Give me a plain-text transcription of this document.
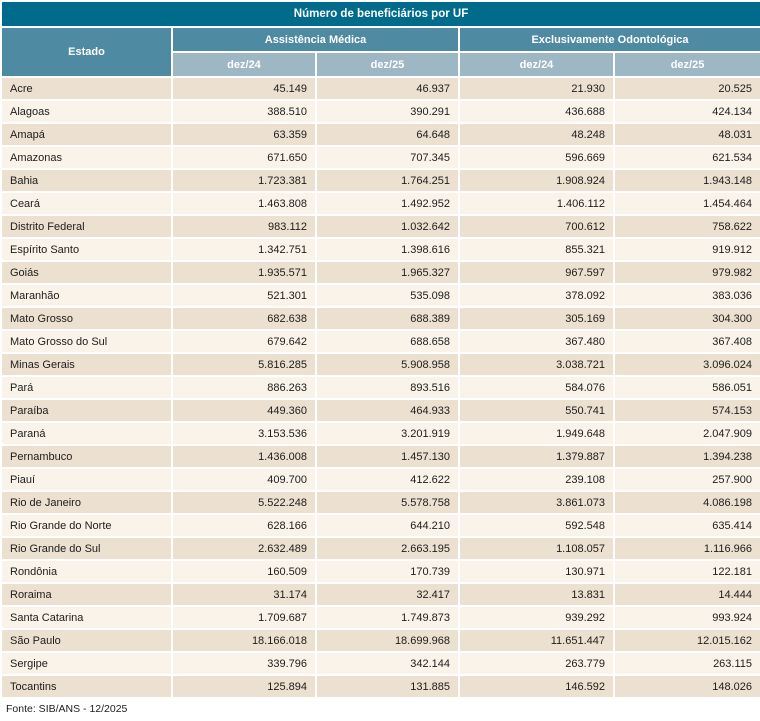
Número de beneficiários por UF				
Estado	Assistência Médica		Exclusivamente Odontológica	
	dez/24	dez/25	dez/24	dez/25
Acre	45.149	46.937	21.930	20.525
Alagoas	388.510	390.291	436.688	424.134
Amapá	63.359	64.648	48.248	48.031
Amazonas	671.650	707.345	596.669	621.534
Bahia	1.723.381	1.764.251	1.908.924	1.943.148
Ceará	1.463.808	1.492.952	1.406.112	1.454.464
Distrito Federal	983.112	1.032.642	700.612	758.622
Espírito Santo	1.342.751	1.398.616	855.321	919.912
Goiás	1.935.571	1.965.327	967.597	979.982
Maranhão	521.301	535.098	378.092	383.036
Mato Grosso	682.638	688.389	305.169	304.300
Mato Grosso do Sul	679.642	688.658	367.480	367.408
Minas Gerais	5.816.285	5.908.958	3.038.721	3.096.024
Pará	886.263	893.516	584.076	586.051
Paraíba	449.360	464.933	550.741	574.153
Paraná	3.153.536	3.201.919	1.949.648	2.047.909
Pernambuco	1.436.008	1.457.130	1.379.887	1.394.238
Piauí	409.700	412.622	239.108	257.900
Rio de Janeiro	5.522.248	5.578.758	3.861.073	4.086.198
Rio Grande do Norte	628.166	644.210	592.548	635.414
Rio Grande do Sul	2.632.489	2.663.195	1.108.057	1.116.966
Rondônia	160.509	170.739	130.971	122.181
Roraima	31.174	32.417	13.831	14.444
Santa Catarina	1.709.687	1.749.873	939.292	993.924
São Paulo	18.166.018	18.699.968	11.651.447	12.015.162
Sergipe	339.796	342.144	263.779	263.115
Tocantins	125.894	131.885	146.592	148.026
Fonte: SIB/ANS - 12/2025
